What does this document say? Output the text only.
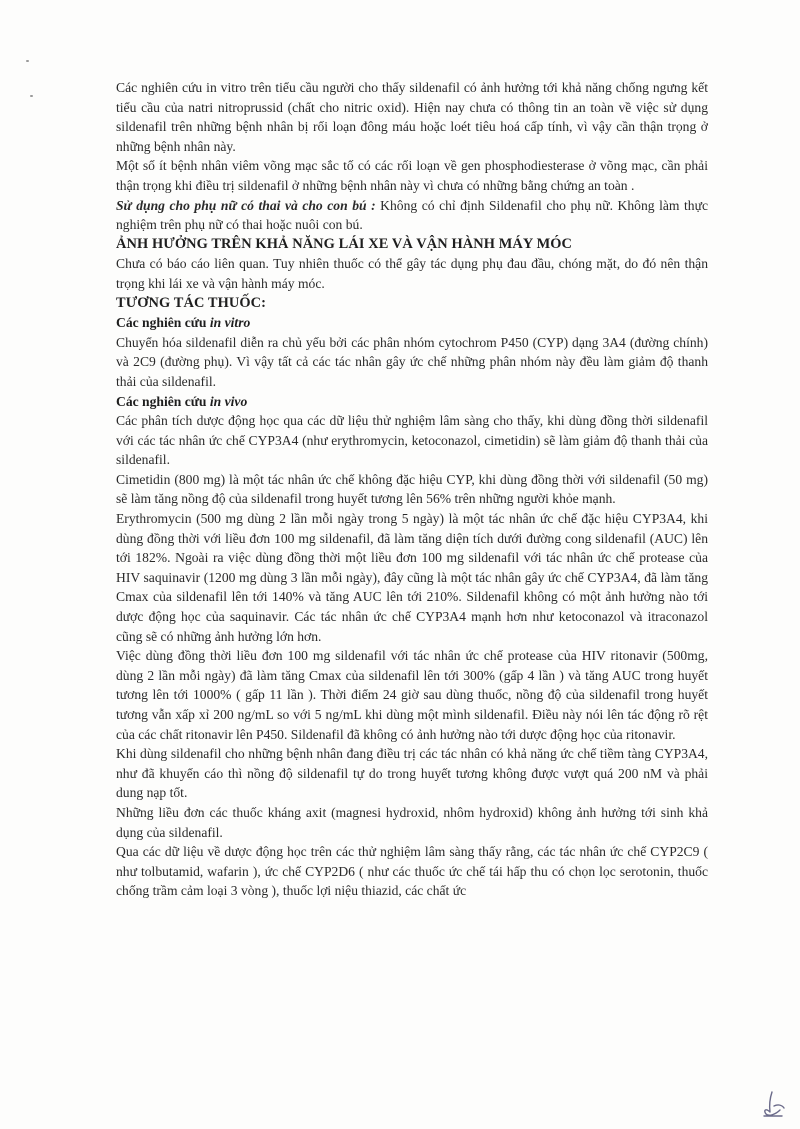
Các nghiên cứu in vitro trên tiểu cầu người cho thấy sildenafil có ảnh hưởng tới khả năng chống ngưng kết tiểu cầu của natri nitroprussid (chất cho nitric oxid). Hiện nay chưa có thông tin an toàn về việc sử dụng sildenafil trên những bệnh nhân bị rối loạn đông máu hoặc loét tiêu hoá cấp tính, vì vậy cần thận trọng ở những bệnh nhân này.

Một số ít bệnh nhân viêm võng mạc sắc tố có các rối loạn về gen phosphodiesterase ở võng mạc, cần phải thận trọng khi điều trị sildenafil ở những bệnh nhân này vì chưa có những bằng chứng an toàn .

Sử dụng cho phụ nữ có thai và cho con bú : Không có chỉ định Sildenafil cho phụ nữ. Không làm thực nghiệm trên phụ nữ có thai hoặc nuôi con bú.

ẢNH HƯỞNG TRÊN KHẢ NĂNG LÁI XE VÀ VẬN HÀNH MÁY MÓC

Chưa có báo cáo liên quan. Tuy nhiên thuốc có thể gây tác dụng phụ đau đầu, chóng mặt, do đó nên thận trọng khi lái xe và vận hành máy móc.

TƯƠNG TÁC THUỐC:
Các nghiên cứu in vitro

Chuyển hóa sildenafil diễn ra chủ yếu bởi các phân nhóm cytochrom P450 (CYP) dạng 3A4 (đường chính) và 2C9 (đường phụ). Vì vậy tất cả các tác nhân gây ức chế những phân nhóm này đều làm giảm độ thanh thải của sildenafil.

Các nghiên cứu in vivo

Các phân tích dược động học qua các dữ liệu thử nghiệm lâm sàng cho thấy, khi dùng đồng thời sildenafil với các tác nhân ức chế CYP3A4 (như erythromycin, ketoconazol, cimetidin) sẽ làm giảm độ thanh thải của sildenafil.

Cimetidin (800 mg) là một tác nhân ức chế không đặc hiệu CYP, khi dùng đồng thời với sildenafil (50 mg) sẽ làm tăng nồng độ của sildenafil trong huyết tương lên 56% trên những người khỏe mạnh.

Erythromycin (500 mg dùng 2 lần mỗi ngày trong 5 ngày) là một tác nhân ức chế đặc hiệu CYP3A4, khi dùng đồng thời với liều đơn 100 mg sildenafil, đã làm tăng diện tích dưới đường cong sildenafil (AUC) lên tới 182%. Ngoài ra việc dùng đồng thời một liều đơn 100 mg sildenafil với tác nhân ức chế protease của HIV saquinavir (1200 mg dùng 3 lần mỗi ngày), đây cũng là một tác nhân gây ức chế CYP3A4, đã làm tăng Cmax của sildenafil lên tới 140% và tăng AUC lên tới 210%. Sildenafil không có một ảnh hưởng nào tới dược động học của saquinavir. Các tác nhân ức chế CYP3A4 mạnh hơn như ketoconazol và itraconazol cũng sẽ có những ảnh hưởng lớn hơn.

Việc dùng đồng thời liều đơn 100 mg sildenafil với tác nhân ức chế protease của HIV ritonavir (500mg, dùng 2 lần mỗi ngày) đã làm tăng Cmax của sildenafil lên tới 300% (gấp 4 lần ) và tăng AUC trong huyết tương lên tới 1000% ( gấp 11 lần ). Thời điểm 24 giờ sau dùng thuốc, nồng độ của sildenafil trong huyết tương vẫn xấp xỉ 200 ng/mL so với 5 ng/mL khi dùng một mình sildenafil. Điều này nói lên tác động rõ rệt của các chất ritonavir lên P450. Sildenafil đã không có ảnh hưởng nào tới dược động học của ritonavir.

Khi dùng sildenafil cho những bệnh nhân đang điều trị các tác nhân có khả năng ức chế tiềm tàng CYP3A4, như đã khuyến cáo thì nồng độ sildenafil tự do trong huyết tương không được vượt quá 200 nM và phải dung nạp tốt.

Những liều đơn các thuốc kháng axit (magnesi hydroxid, nhôm hydroxid) không ảnh hưởng tới sinh khả dụng của sildenafil.

Qua các dữ liệu về dược động học trên các thử nghiệm lâm sàng thấy rằng, các tác nhân ức chế CYP2C9 ( như tolbutamid, wafarin ), ức chế CYP2D6 ( như các thuốc ức chế tái hấp thu có chọn lọc serotonin, thuốc chống trầm cảm loại 3 vòng ), thuốc lợi niệu thiazid, các chất ức
